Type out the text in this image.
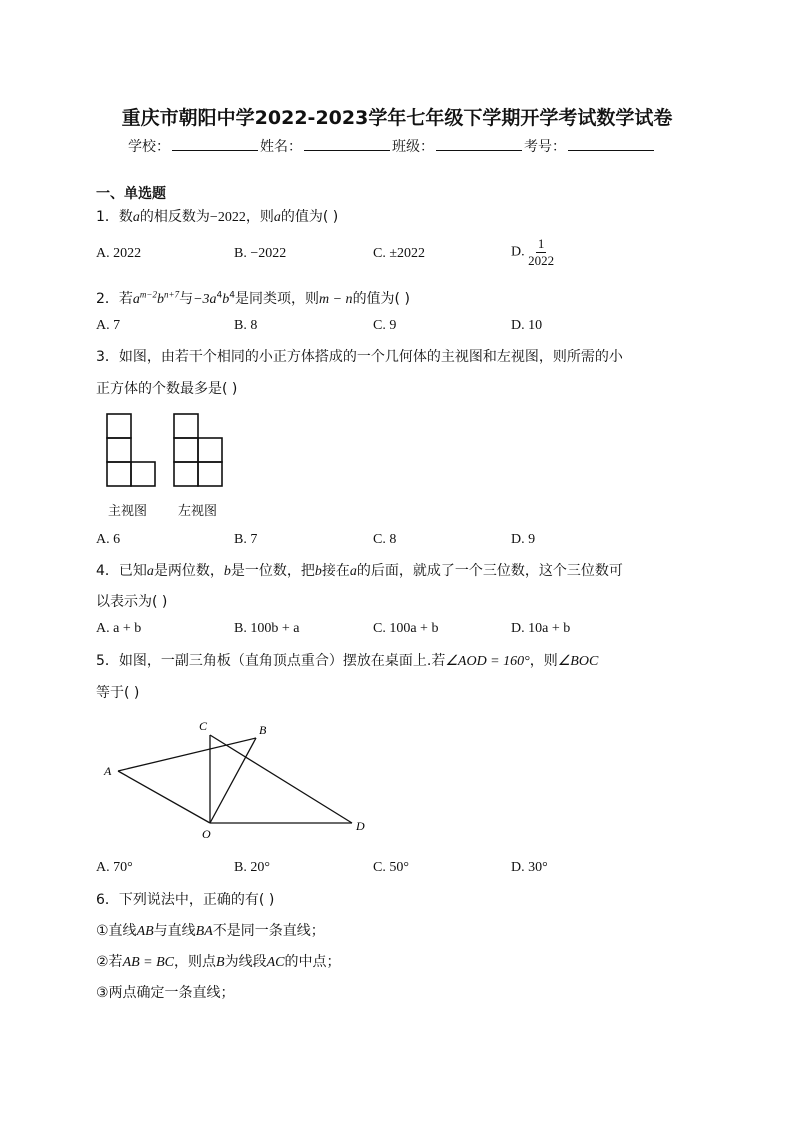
重庆市朝阳中学2022-2023学年七年级下学期开学考试数学试卷
学校：	姓名：	班级：	考号：
一、单选题
1．数a的相反数为−2022，则a的值为( )
A. 2022	B. −2022	C. ±2022	D. $\frac{1}{2022}$
2．若$a^{m-2}b^{n+7}$与$-3a^4b^4$是同类项，则m − n的值为( )
A. 7	B. 8	C. 9	D. 10
3．如图，由若干个相同的小正方体搭成的一个几何体的主视图和左视图，则所需的小
正方体的个数最多是( )
主视图 左视图
A. 6	B. 7	C. 8	D. 9
4．已知a是两位数，b是一位数，把b接在a的后面，就成了一个三位数，这个三位数可
以表示为( )
A. a + b	B. 100b + a	C. 100a + b	D. 10a + b
5．如图，一副三角板（直角顶点重合）摆放在桌面上.若∠AOD = 160°，则∠BOC
等于( )
A
B
C
D
O
A. 70°	B. 20°	C. 50°	D. 30°
6．下列说法中，正确的有( )
①直线AB与直线BA不是同一条直线；
②若AB = BC，则点B为线段AC的中点；
③两点确定一条直线；
